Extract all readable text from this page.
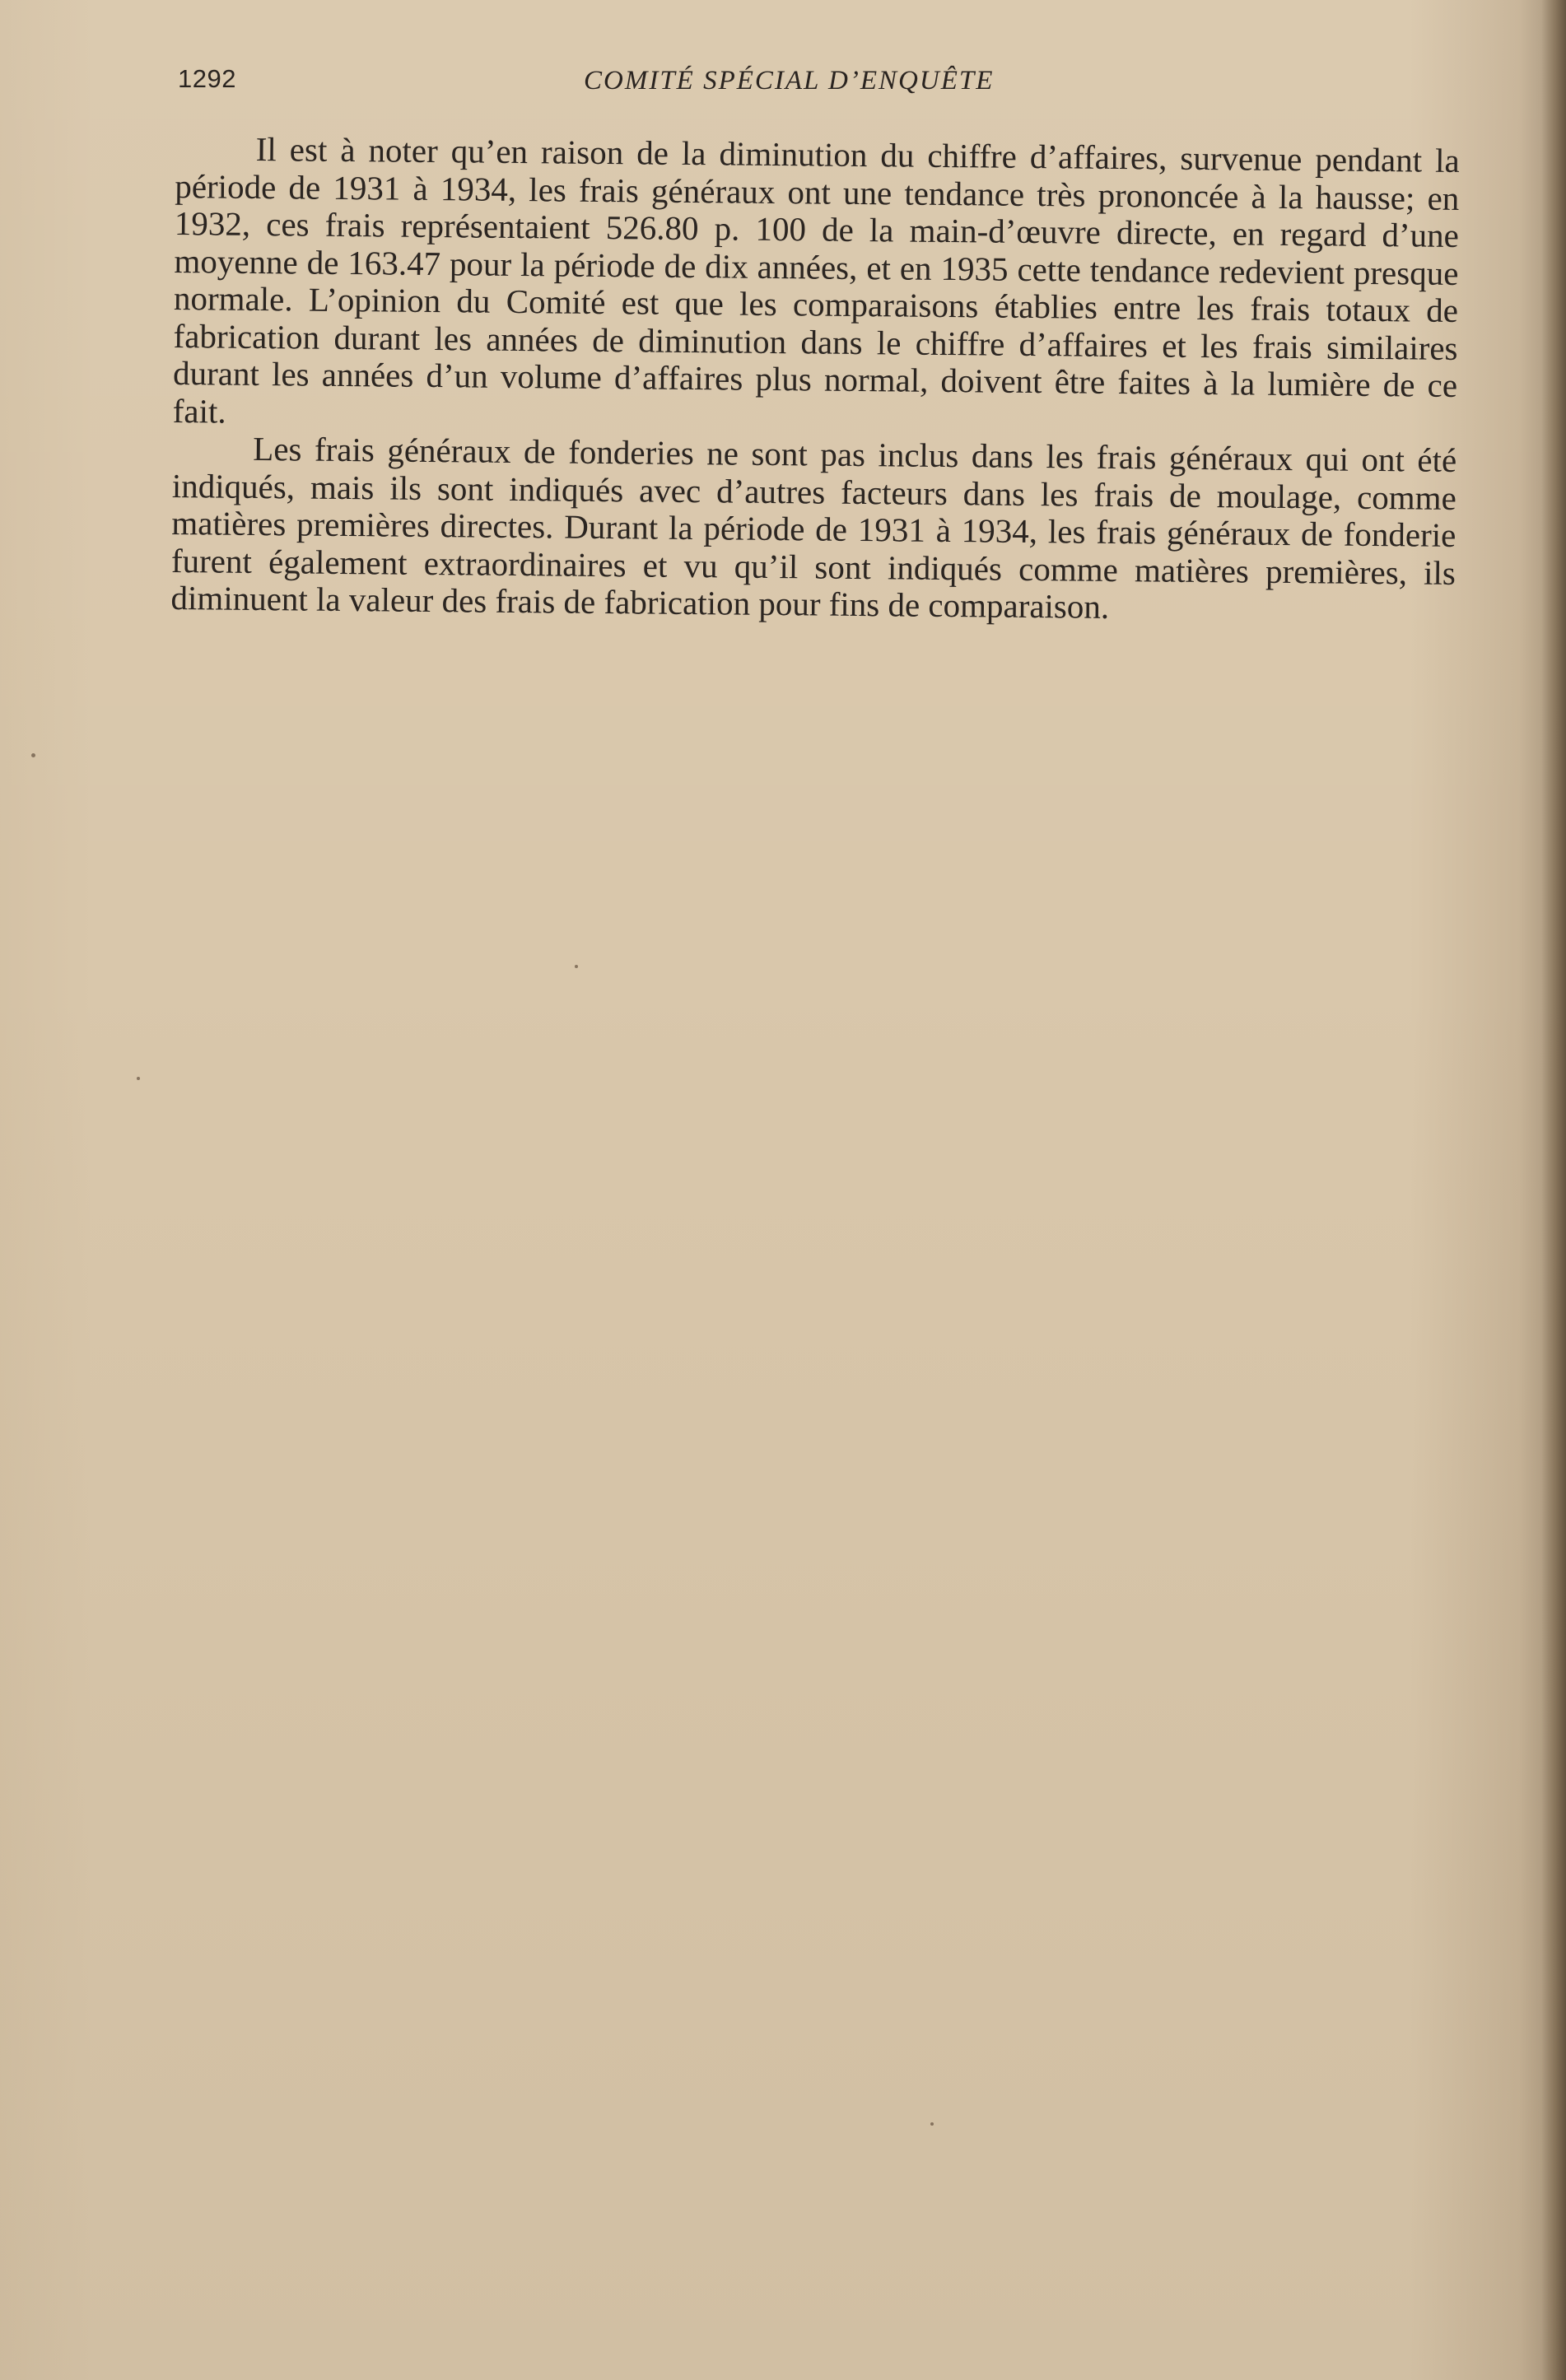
1292	COMITÉ SPÉCIAL D’ENQUÊTE

Il est à noter qu’en raison de la diminution du chiffre d’affaires, survenue pendant la période de 1931 à 1934, les frais généraux ont une tendance très prononcée à la hausse; en 1932, ces frais représentaient 526.80 p. 100 de la main-d’œuvre directe, en regard d’une moyenne de 163.47 pour la période de dix années, et en 1935 cette tendance redevient presque normale. L’opinion du Comité est que les comparaisons établies entre les frais totaux de fabrication durant les années de diminution dans le chiffre d’affaires et les frais similaires durant les années d’un volume d’affaires plus normal, doivent être faites à la lumière de ce fait.

Les frais généraux de fonderies ne sont pas inclus dans les frais généraux qui ont été indiqués, mais ils sont indiqués avec d’autres facteurs dans les frais de moulage, comme matières premières directes. Durant la période de 1931 à 1934, les frais généraux de fonderie furent également extraordinaires et vu qu’il sont indiqués comme matières premières, ils diminuent la valeur des frais de fabrication pour fins de comparaison.
